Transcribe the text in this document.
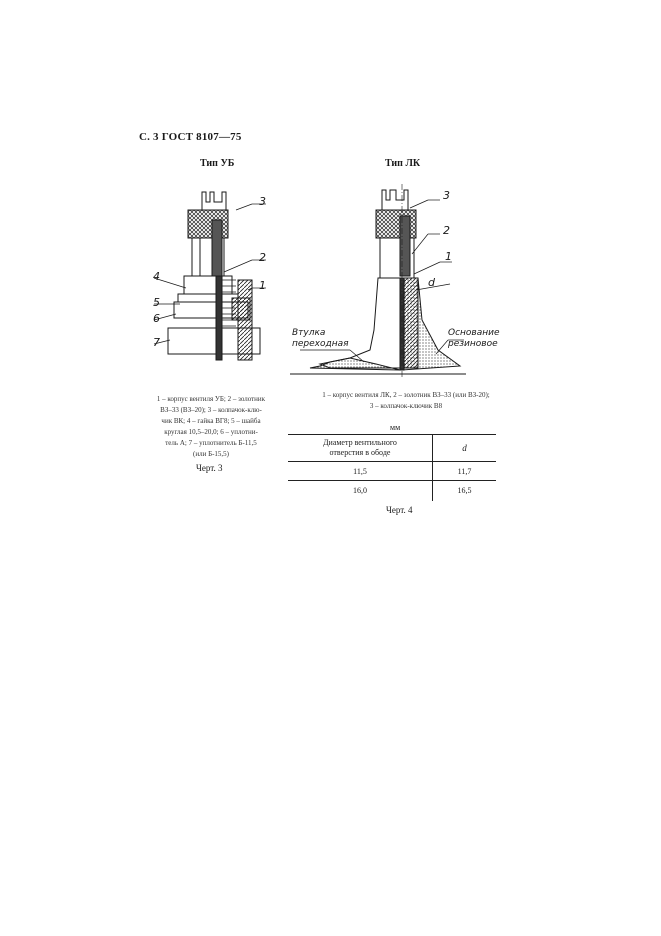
С. 3 ГОСТ 8107—75
Тип УБ
3
2
1
4
5
6
7
1 – корпус вентиля УБ; 2 – золотник
ВЗ–33 (ВЗ–20); 3 – колпачок-клю-
чик ВК; 4 – гайка ВГ8; 5 – шайба
круглая 10,5–20,0; 6 – уплотни-
тель А; 7 – уплотнитель Б-11,5
(или Б-15,5)
Черт. 3
Тип ЛК
3
2
1
d
Втулка
переходная
Основание
резиновое
1 – корпус вентиля ЛК, 2 – золотник ВЗ–33 (или ВЗ-20);
3 – колпачок-ключик В8
мм
Диаметр вентильного
отверстия в ободе	d
11,5	11,7
16,0	16,5
Черт. 4
